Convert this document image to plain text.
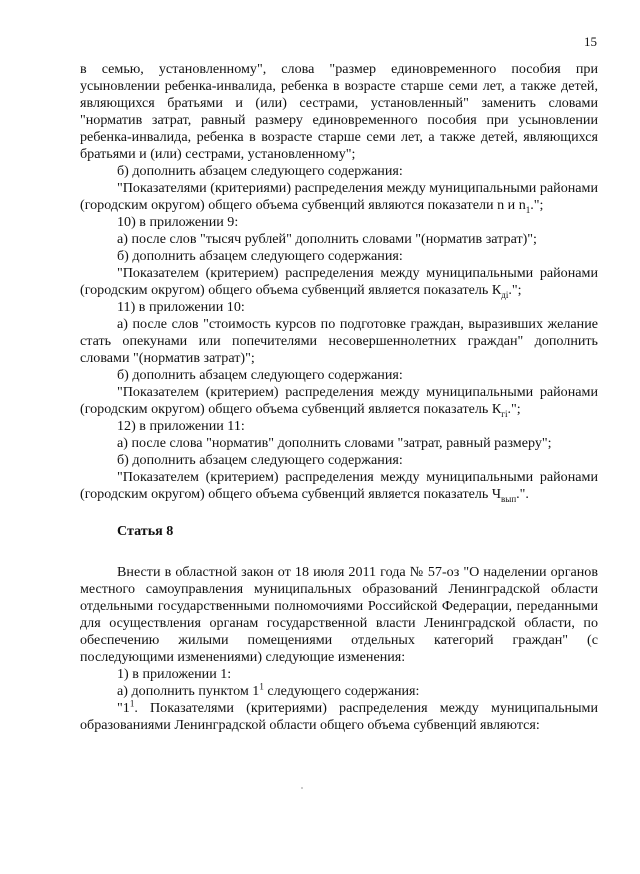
15

в семью, установленному", слова "размер единовременного пособия при усыновлении ребенка-инвалида, ребенка в возрасте старше семи лет, а также детей, являющихся братьями и (или) сестрами, установленный" заменить словами "норматив затрат, равный размеру единовременного пособия при усыновлении ребенка-инвалида, ребенка в возрасте старше семи лет, а также детей, являющихся братьями и (или) сестрами, установленному";

б) дополнить абзацем следующего содержания:

"Показателями (критериями) распределения между муниципальными районами (городским округом) общего объема субвенций являются показатели n и $n_1$.";

10) в приложении 9:

а) после слов "тысяч рублей" дополнить словами "(норматив затрат)";

б) дополнить абзацем следующего содержания:

"Показателем (критерием) распределения между муниципальными районами (городским округом) общего объема субвенций является показатель $К_{дi}$.";

11) в приложении 10:

а) после слов "стоимость курсов по подготовке граждан, выразивших желание стать опекунами или попечителями несовершеннолетних граждан" дополнить словами "(норматив затрат)";

б) дополнить абзацем следующего содержания:

"Показателем (критерием) распределения между муниципальными районами (городским округом) общего объема субвенций является показатель $К_{гi}$.";

12) в приложении 11:

а) после слова "норматив" дополнить словами "затрат, равный размеру";

б) дополнить абзацем следующего содержания:

"Показателем (критерием) распределения между муниципальными районами (городским округом) общего объема субвенций является показатель $Ч_{вып}$.".

Статья 8

Внести в областной закон от 18 июля 2011 года № 57-оз "О наделении органов местного самоуправления муниципальных образований Ленинградской области отдельными государственными полномочиями Российской Федерации, переданными для осуществления органам государственной власти Ленинградской области, по обеспечению жилыми помещениями отдельных категорий граждан" (с последующими изменениями) следующие изменения:

1) в приложении 1:

а) дополнить пунктом $1^1$ следующего содержания:

"$1^1$. Показателями (критериями) распределения между муниципальными образованиями Ленинградской области общего объема субвенций являются:
